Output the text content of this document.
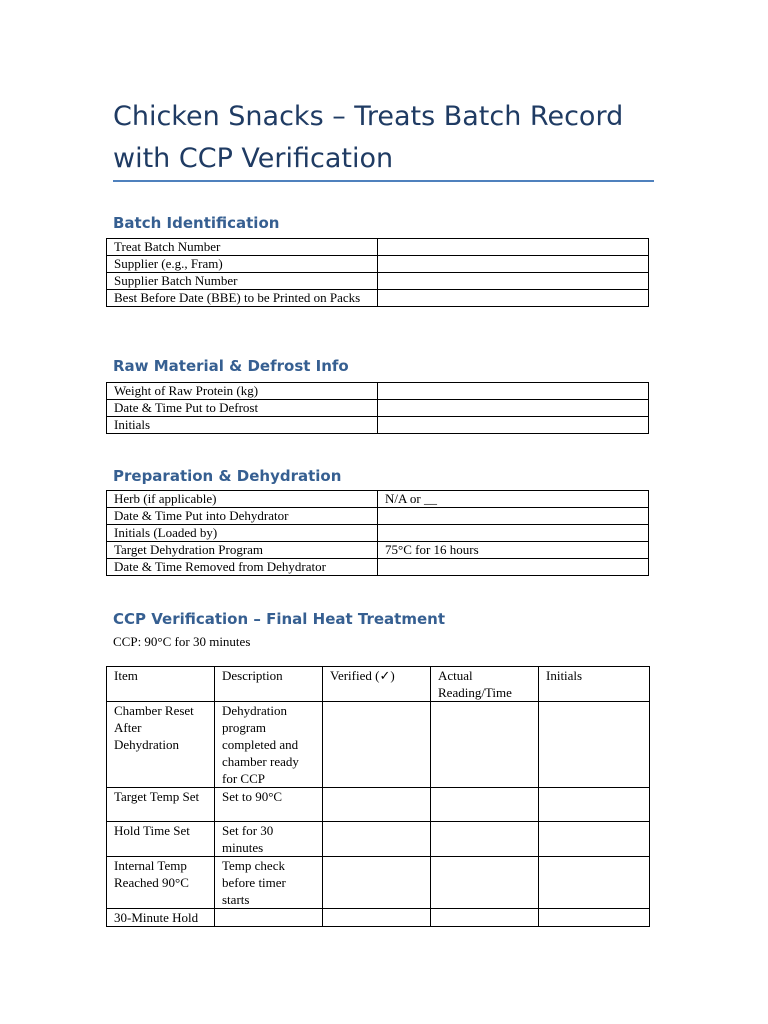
Chicken Snacks – Treats Batch Record with CCP Verification
Batch Identification
Treat Batch Number	
Supplier (e.g., Fram)	
Supplier Batch Number	
Best Before Date (BBE) to be Printed on Packs	
Raw Material & Defrost Info
Weight of Raw Protein (kg)	
Date & Time Put to Defrost	
Initials	
Preparation & Dehydration
Herb (if applicable)	N/A or __
Date & Time Put into Dehydrator	
Initials (Loaded by)	
Target Dehydration Program	75°C for 16 hours
Date & Time Removed from Dehydrator	
CCP Verification – Final Heat Treatment

CCP: 90°C for 30 minutes

Item	Description	Verified (✓)	Actual Reading/Time	Initials
Chamber Reset After Dehydration	Dehydration program completed and chamber ready for CCP			
Target Temp Set	Set to 90°C			
Hold Time Set	Set for 30 minutes			
Internal Temp Reached 90°C	Temp check before timer starts			
30-Minute Hold				
